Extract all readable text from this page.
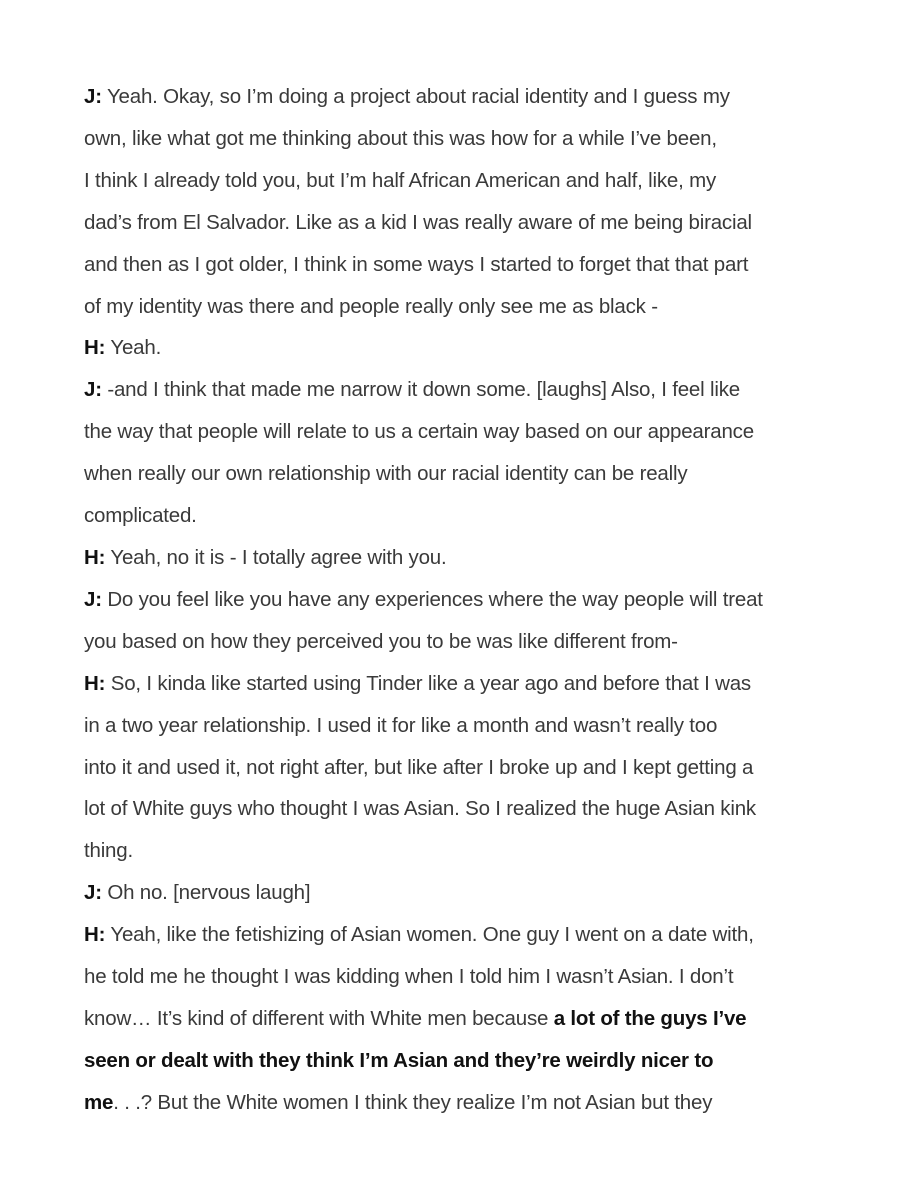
J: Yeah. Okay, so I’m doing a project about racial identity and I guess my
own, like what got me thinking about this was how for a while I’ve been,
I think I already told you, but I’m half African American and half, like, my
dad’s from El Salvador. Like as a kid I was really aware of me being biracial
and then as I got older, I think in some ways I started to forget that that part
of my identity was there and people really only see me as black -

H: Yeah.

J: -and I think that made me narrow it down some. [laughs] Also, I feel like
the way that people will relate to us a certain way based on our appearance
when really our own relationship with our racial identity can be really
complicated.

H: Yeah, no it is - I totally agree with you.

J: Do you feel like you have any experiences where the way people will treat
you based on how they perceived you to be was like different from-

H: So, I kinda like started using Tinder like a year ago and before that I was
in a two year relationship. I used it for like a month and wasn’t really too
into it and used it, not right after, but like after I broke up and I kept getting a
lot of White guys who thought I was Asian. So I realized the huge Asian kink
thing.

J: Oh no. [nervous laugh]

H: Yeah, like the fetishizing of Asian women. One guy I went on a date with,
he told me he thought I was kidding when I told him I wasn’t Asian. I don’t
know… It’s kind of different with White men because a lot of the guys I’ve
seen or dealt with they think I’m Asian and they’re weirdly nicer to
me. . .? But the White women I think they realize I’m not Asian but they
